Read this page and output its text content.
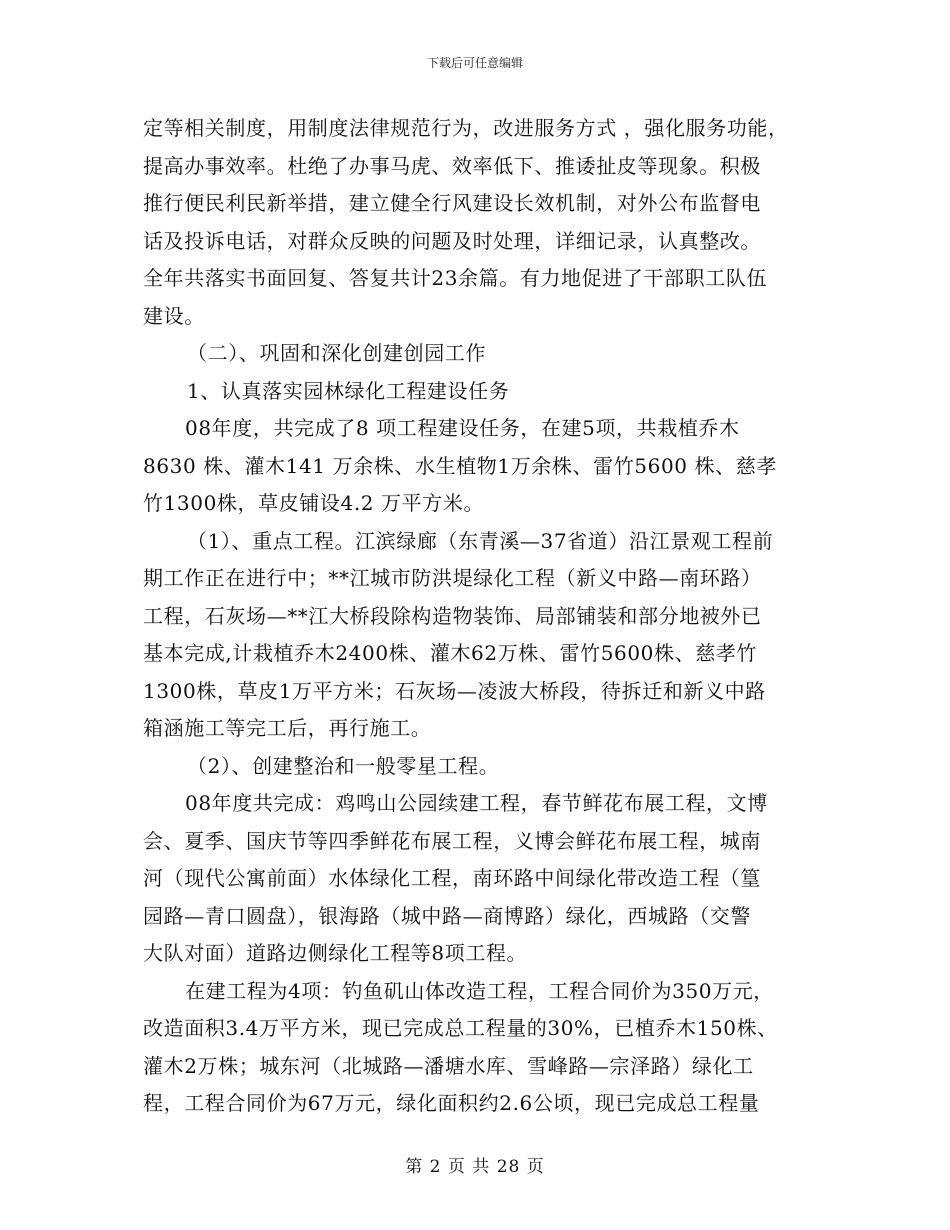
下载后可任意编辑
定等相关制度，用制度法律规范行为，改进服务方式 ，强化服务功能，
提高办事效率。杜绝了办事马虎、效率低下、推诿扯皮等现象。积极
推行便民利民新举措，建立健全行风建设长效机制，对外公布监督电
话及投诉电话，对群众反映的问题及时处理，详细记录，认真整改。
全年共落实书面回复、答复共计23余篇。有力地促进了干部职工队伍
建设。
（二）、巩固和深化创建创园工作
1、认真落实园林绿化工程建设任务
08年度，共完成了8 项工程建设任务，在建5项，共栽植乔木
8630 株、灌木141 万余株、水生植物1万余株、雷竹5600 株、慈孝
竹1300株，草皮铺设4.2 万平方米。
（1）、重点工程。江滨绿廊（东青溪—37省道）沿江景观工程前
期工作正在进行中；**江城市防洪堤绿化工程（新义中路—南环路）
工程，石灰场—**江大桥段除构造物装饰、局部铺装和部分地被外已
基本完成,计栽植乔木2400株、灌木62万株、雷竹5600株、慈孝竹
1300株，草皮1万平方米；石灰场—凌波大桥段，待拆迁和新义中路
箱涵施工等完工后，再行施工。
（2）、创建整治和一般零星工程。
08年度共完成：鸡鸣山公园续建工程，春节鲜花布展工程，文博
会、夏季、国庆节等四季鲜花布展工程，义博会鲜花布展工程，城南
河（现代公寓前面）水体绿化工程，南环路中间绿化带改造工程（篁
园路—青口圆盘），银海路（城中路—商博路）绿化，西城路（交警
大队对面）道路边侧绿化工程等8项工程。
在建工程为4项：钓鱼矶山体改造工程，工程合同价为350万元，
改造面积3.4万平方米，现已完成总工程量的30%，已植乔木150株、
灌木2万株；城东河（北城路—潘塘水库、雪峰路—宗泽路）绿化工
程，工程合同价为67万元，绿化面积约2.6公顷，现已完成总工程量
第 2 页 共 28 页
